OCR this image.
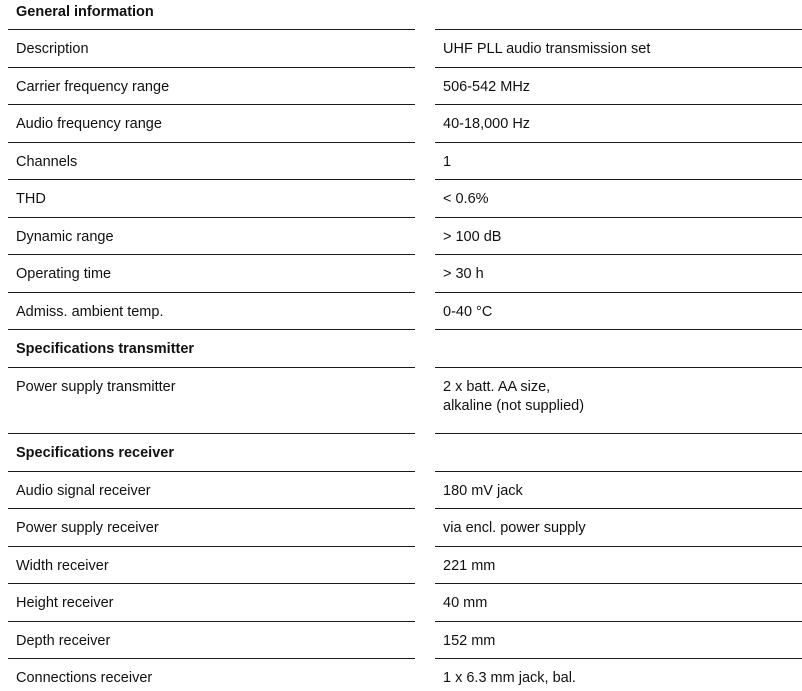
General information
Description	UHF PLL audio transmission set
Carrier frequency range	506-542 MHz
Audio frequency range	40-18,000 Hz
Channels	1
THD	< 0.6%
Dynamic range	> 100 dB
Operating time	> 30 h
Admiss. ambient temp.	0-40 °C
Specifications transmitter
Power supply transmitter	2 x batt. AA size,
alkaline (not supplied)
Specifications receiver
Audio signal receiver	180 mV jack
Power supply receiver	via encl. power supply
Width receiver	221 mm
Height receiver	40 mm
Depth receiver	152 mm
Connections receiver	1 x 6.3 mm jack, bal.
